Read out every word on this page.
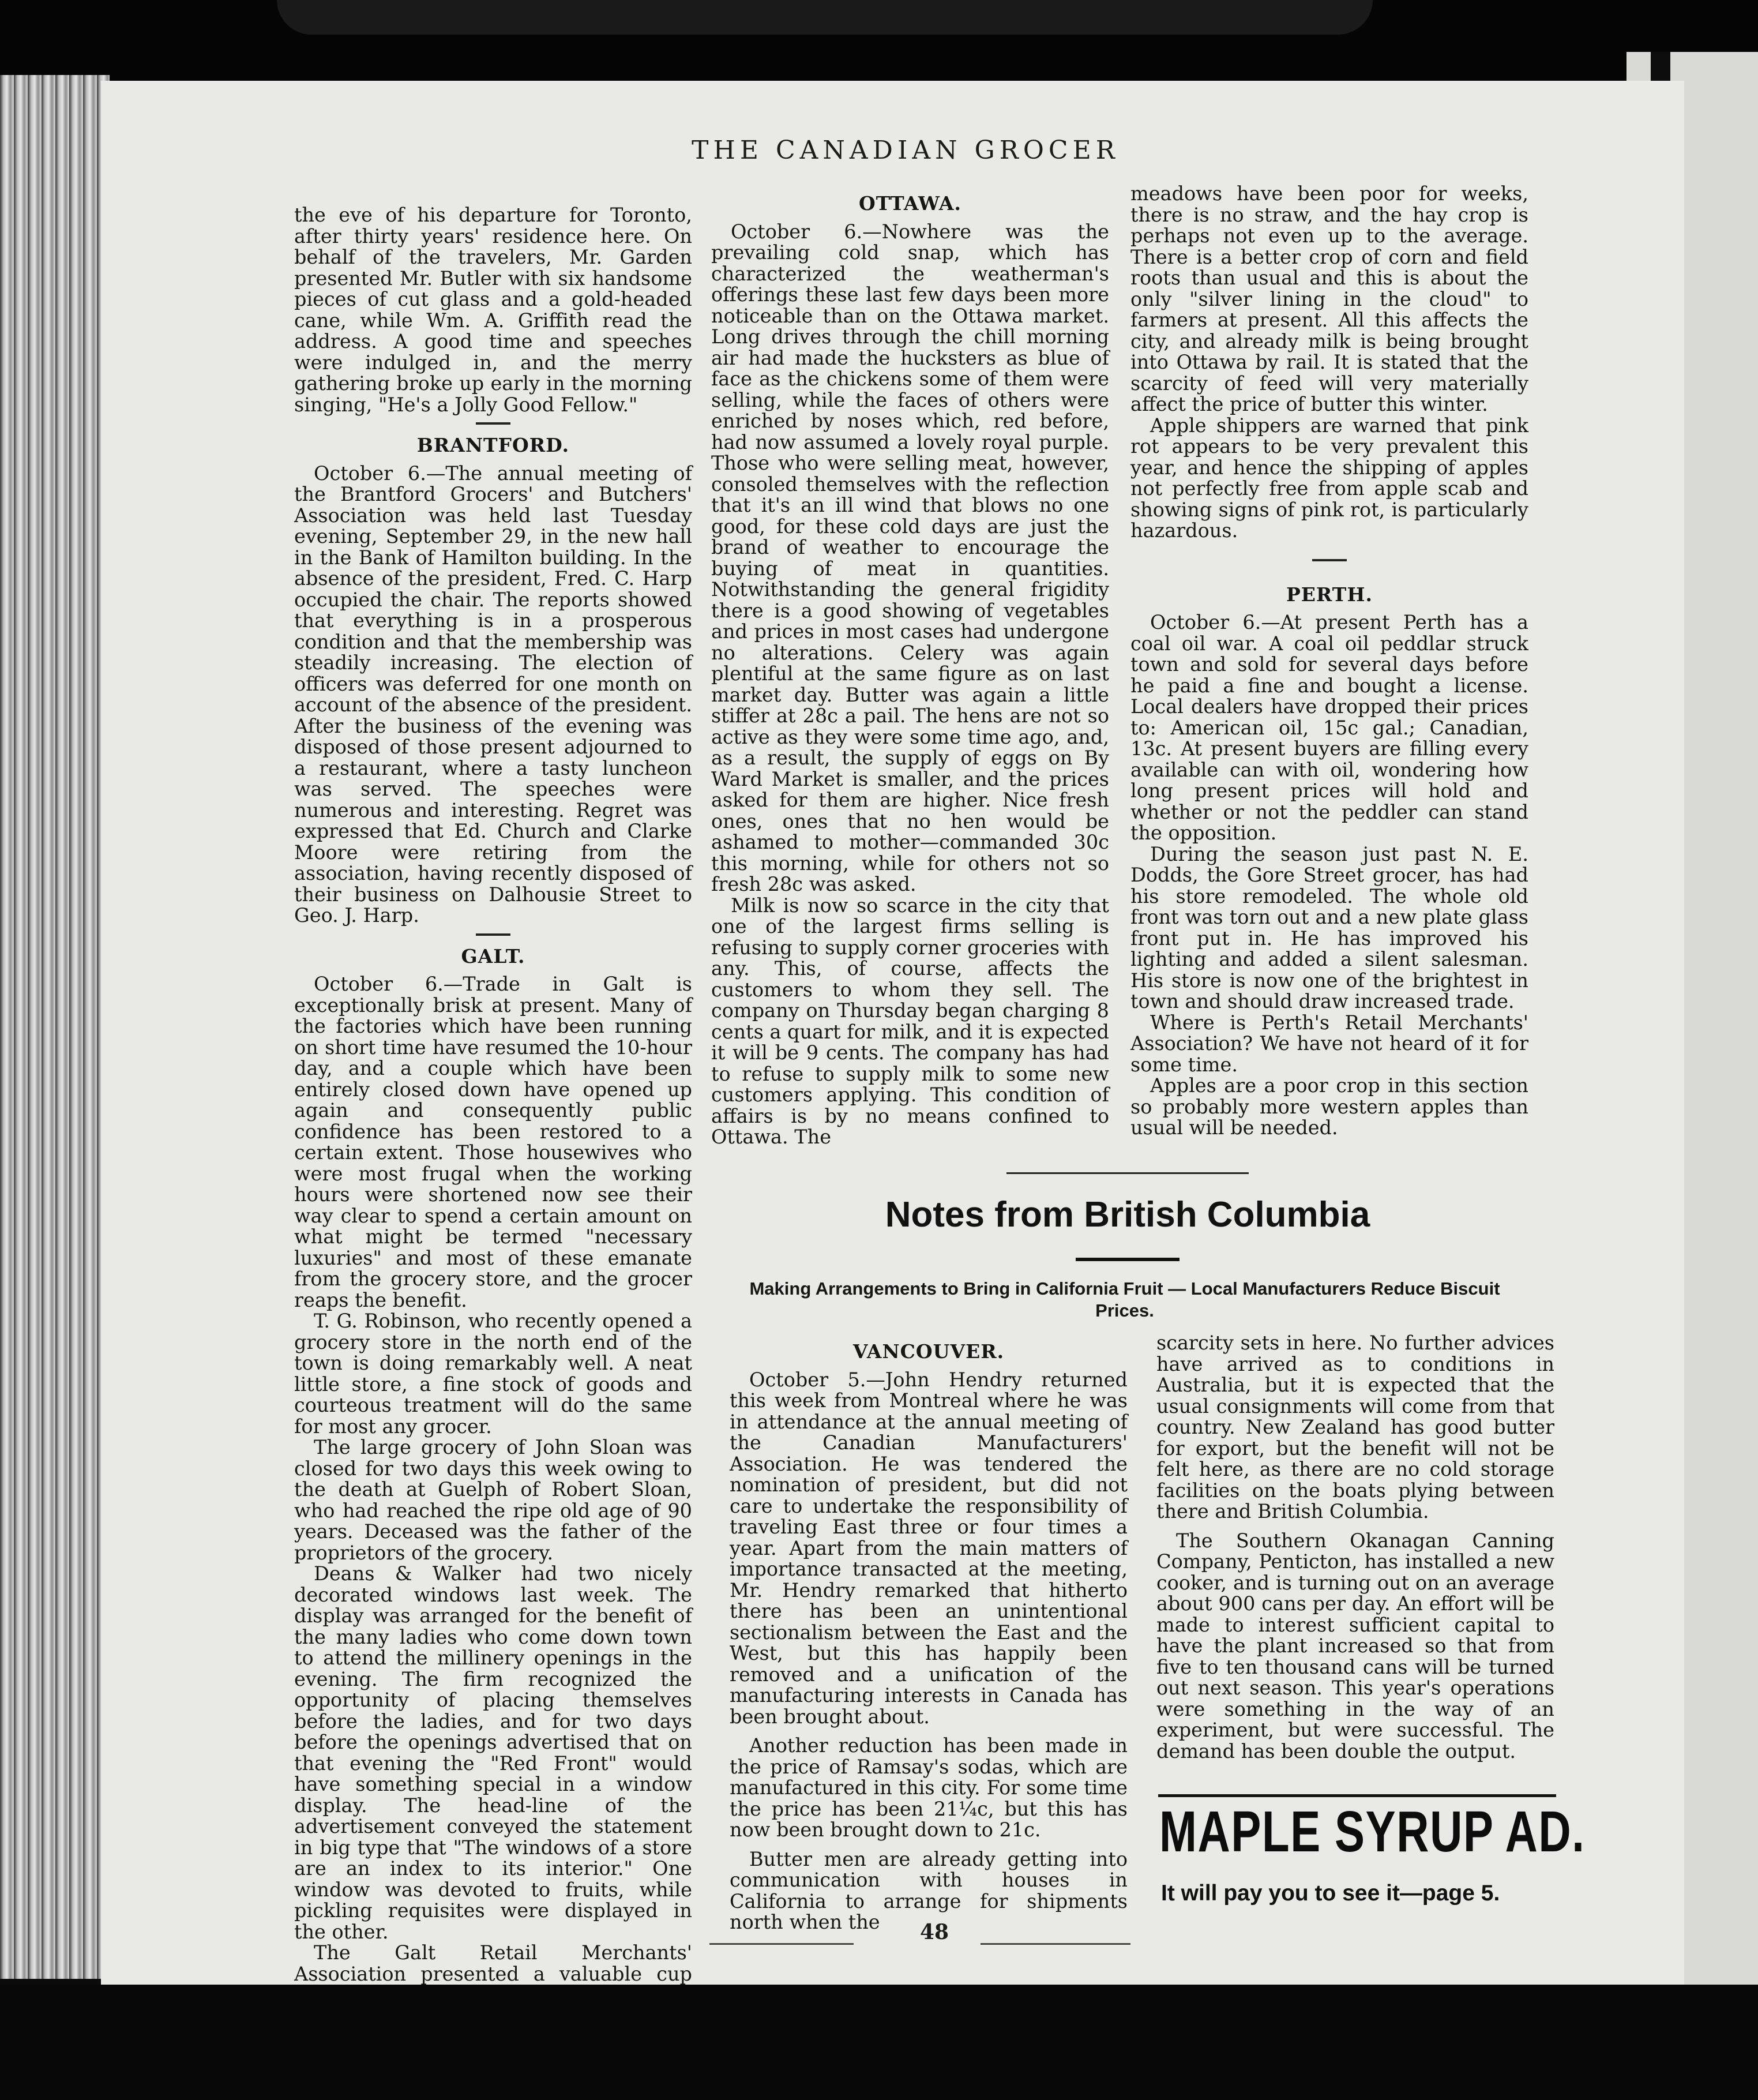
THE CANADIAN GROCER

the eve of his departure for Toronto, after thirty years' residence here. On behalf of the travelers, Mr. Garden presented Mr. Butler with six handsome pieces of cut glass and a gold-headed cane, while Wm. A. Griffith read the address. A good time and speeches were indulged in, and the merry gathering broke up early in the morning singing, "He's a Jolly Good Fellow."

BRANTFORD.

October 6.—The annual meeting of the Brantford Grocers' and Butchers' Association was held last Tuesday evening, September 29, in the new hall in the Bank of Hamilton building. In the absence of the president, Fred. C. Harp occupied the chair. The reports showed that everything is in a prosperous condition and that the membership was steadily increasing. The election of officers was deferred for one month on account of the absence of the president. After the business of the evening was disposed of those present adjourned to a restaurant, where a tasty luncheon was served. The speeches were numerous and interesting. Regret was expressed that Ed. Church and Clarke Moore were retiring from the association, having recently disposed of their business on Dalhousie Street to Geo. J. Harp.

GALT.

October 6.—Trade in Galt is exceptionally brisk at present. Many of the factories which have been running on short time have resumed the 10-hour day, and a couple which have been entirely closed down have opened up again and consequently public confidence has been restored to a certain extent. Those housewives who were most frugal when the working hours were shortened now see their way clear to spend a certain amount on what might be termed "necessary luxuries" and most of these emanate from the grocery store, and the grocer reaps the benefit.

T. G. Robinson, who recently opened a grocery store in the north end of the town is doing remarkably well. A neat little store, a fine stock of goods and courteous treatment will do the same for most any grocer.

The large grocery of John Sloan was closed for two days this week owing to the death at Guelph of Robert Sloan, who had reached the ripe old age of 90 years. Deceased was the father of the proprietors of the grocery.

Deans & Walker had two nicely decorated windows last week. The display was arranged for the benefit of the many ladies who come down town to attend the millinery openings in the evening. The firm recognized the opportunity of placing themselves before the ladies, and for two days before the openings advertised that on that evening the "Red Front" would have something special in a window display. The head-line of the advertisement conveyed the statement in big type that "The windows of a store are an index to its interior." One window was devoted to fruits, while pickling requisites were displayed in the other.

The Galt Retail Merchants' Association presented a valuable cup

OTTAWA.

October 6.—Nowhere was the prevailing cold snap, which has characterized the weatherman's offerings these last few days been more noticeable than on the Ottawa market. Long drives through the chill morning air had made the hucksters as blue of face as the chickens some of them were selling, while the faces of others were enriched by noses which, red before, had now assumed a lovely royal purple. Those who were selling meat, however, consoled themselves with the reflection that it's an ill wind that blows no one good, for these cold days are just the brand of weather to encourage the buying of meat in quantities. Notwithstanding the general frigidity there is a good showing of vegetables and prices in most cases had undergone no alterations. Celery was again plentiful at the same figure as on last market day. Butter was again a little stiffer at 28c a pail. The hens are not so active as they were some time ago, and, as a result, the supply of eggs on By Ward Market is smaller, and the prices asked for them are higher. Nice fresh ones, ones that no hen would be ashamed to mother—commanded 30c this morning, while for others not so fresh 28c was asked.

Milk is now so scarce in the city that one of the largest firms selling is refusing to supply corner groceries with any. This, of course, affects the customers to whom they sell. The company on Thursday began charging 8 cents a quart for milk, and it is expected it will be 9 cents. The company has had to refuse to supply milk to some new customers applying. This condition of affairs is by no means confined to Ottawa. The

meadows have been poor for weeks, there is no straw, and the hay crop is perhaps not even up to the average. There is a better crop of corn and field roots than usual and this is about the only "silver lining in the cloud" to farmers at present. All this affects the city, and already milk is being brought into Ottawa by rail. It is stated that the scarcity of feed will very materially affect the price of butter this winter.

Apple shippers are warned that pink rot appears to be very prevalent this year, and hence the shipping of apples not perfectly free from apple scab and showing signs of pink rot, is particularly hazardous.

PERTH.

October 6.—At present Perth has a coal oil war. A coal oil peddlar struck town and sold for several days before he paid a fine and bought a license. Local dealers have dropped their prices to: American oil, 15c gal.; Canadian, 13c. At present buyers are filling every available can with oil, wondering how long present prices will hold and whether or not the peddler can stand the opposition.

During the season just past N. E. Dodds, the Gore Street grocer, has had his store remodeled. The whole old front was torn out and a new plate glass front put in. He has improved his lighting and added a silent salesman. His store is now one of the brightest in town and should draw increased trade.

Where is Perth's Retail Merchants' Association? We have not heard of it for some time.

Apples are a poor crop in this section so probably more western apples than usual will be needed.

Notes from British Columbia
Making Arrangements to Bring in California Fruit — Local Manufacturers Reduce Biscuit Prices.
VANCOUVER.

October 5.—John Hendry returned this week from Montreal where he was in attendance at the annual meeting of the Canadian Manufacturers' Association. He was tendered the nomination of president, but did not care to undertake the responsibility of traveling East three or four times a year. Apart from the main matters of importance transacted at the meeting, Mr. Hendry remarked that hitherto there has been an unintentional sectionalism between the East and the West, but this has happily been removed and a unification of the manufacturing interests in Canada has been brought about.

Another reduction has been made in the price of Ramsay's sodas, which are manufactured in this city. For some time the price has been 21¼c, but this has now been brought down to 21c.

Butter men are already getting into communication with houses in California to arrange for shipments north when the

scarcity sets in here. No further advices have arrived as to conditions in Australia, but it is expected that the usual consignments will come from that country. New Zealand has good butter for export, but the benefit will not be felt here, as there are no cold storage facilities on the boats plying between there and British Columbia.

The Southern Okanagan Canning Company, Penticton, has installed a new cooker, and is turning out on an average about 900 cans per day. An effort will be made to interest sufficient capital to have the plant increased so that from five to ten thousand cans will be turned out next season. This year's operations were something in the way of an experiment, but were successful. The demand has been double the output.

MAPLE SYRUP AD.
It will pay you to see it—page 5.
48
